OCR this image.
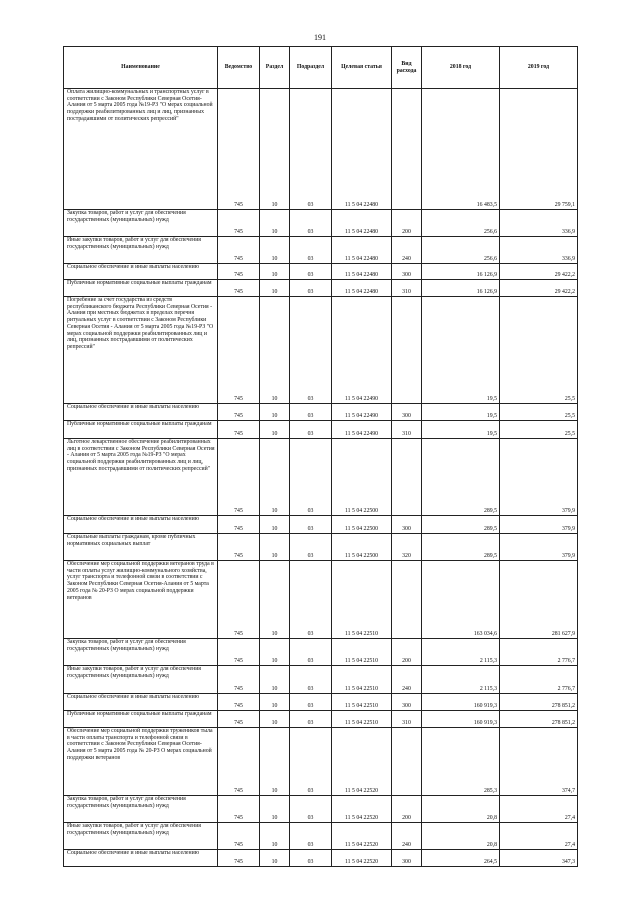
191
Наименование	Ведомство	Раздел	Подраздел	Целевая статья	Вид расхода	2018 год	2019 год
Оплата жилищно-коммунальных и транспортных услуг в соответствии с Законом Республики Северная Осетия-Алания от 5 марта 2005 года №19-РЗ "О мерах социальной поддержки реабилитированных лиц и лиц, признанных пострадавшими от политических репрессий"	745	10	03	11 5 04 22480		16 483,5	29 759,1
Закупка товаров, работ и услуг для обеспечения государственных (муниципальных) нужд	745	10	03	11 5 04 22480	200	256,6	336,9
Иные закупки товаров, работ и услуг для обеспечения государственных (муниципальных) нужд	745	10	03	11 5 04 22480	240	256,6	336,9
Социальное обеспечение и иные выплаты населению	745	10	03	11 5 04 22480	300	16 126,9	29 422,2
Публичные нормативные социальные выплаты гражданам	745	10	03	11 5 04 22480	310	16 126,9	29 422,2
Погребение за счет государства из средств республиканского бюджета Республики Северная Осетия - Алания при местных бюджетах в пределах перечня ритуальных услуг в соответствии с Законом Республики Северная Осетия - Алания от 5 марта 2005 года №19-РЗ "О мерах социальной поддержки реабилитированных лиц и лиц, признанных пострадавшими от политических репрессий"	745	10	03	11 5 04 22490		19,5	25,5
Социальное обеспечение и иные выплаты населению	745	10	03	11 5 04 22490	300	19,5	25,5
Публичные нормативные социальные выплаты гражданам	745	10	03	11 5 04 22490	310	19,5	25,5
Льготное лекарственное обеспечение реабилитированных лиц в соответствии с Законом Республики Северная Осетия - Алания от 5 марта 2005 года №19-РЗ "О мерах социальной поддержки реабилитированных лиц и лиц, признанных пострадавшими от политических репрессий"	745	10	03	11 5 04 22500		289,5	379,9
Социальное обеспечение и иные выплаты населению	745	10	03	11 5 04 22500	300	289,5	379,9
Социальные выплаты гражданам, кроме публичных нормативных социальных выплат	745	10	03	11 5 04 22500	320	289,5	379,9
Обеспечение мер социальной поддержки ветеранов труда в части оплаты услуг жилищно-коммунального хозяйства, услуг транспорта и телефонной связи в соответствии с Законом Республики Северная Осетия-Алания от 5 марта 2005 года № 20-РЗ О мерах социальной поддержки ветеранов	745	10	03	11 5 04 22510		163 034,6	281 627,9
Закупка товаров, работ и услуг для обеспечения государственных (муниципальных) нужд	745	10	03	11 5 04 22510	200	2 115,3	2 776,7
Иные закупки товаров, работ и услуг для обеспечения государственных (муниципальных) нужд	745	10	03	11 5 04 22510	240	2 115,3	2 776,7
Социальное обеспечение и иные выплаты населению	745	10	03	11 5 04 22510	300	160 919,3	278 851,2
Публичные нормативные социальные выплаты гражданам	745	10	03	11 5 04 22510	310	160 919,3	278 851,2
Обеспечение мер социальной поддержки тружеников тыла в части оплаты транспорта и телефонной связи в соответствии с Законом Республики Северная Осетия-Алания от 5 марта 2005 года № 20-РЗ О мерах социальной поддержки ветеранов	745	10	03	11 5 04 22520		285,3	374,7
Закупка товаров, работ и услуг для обеспечения государственных (муниципальных) нужд	745	10	03	11 5 04 22520	200	20,8	27,4
Иные закупки товаров, работ и услуг для обеспечения государственных (муниципальных) нужд	745	10	03	11 5 04 22520	240	20,8	27,4
Социальное обеспечение и иные выплаты населению	745	10	03	11 5 04 22520	300	264,5	347,3
